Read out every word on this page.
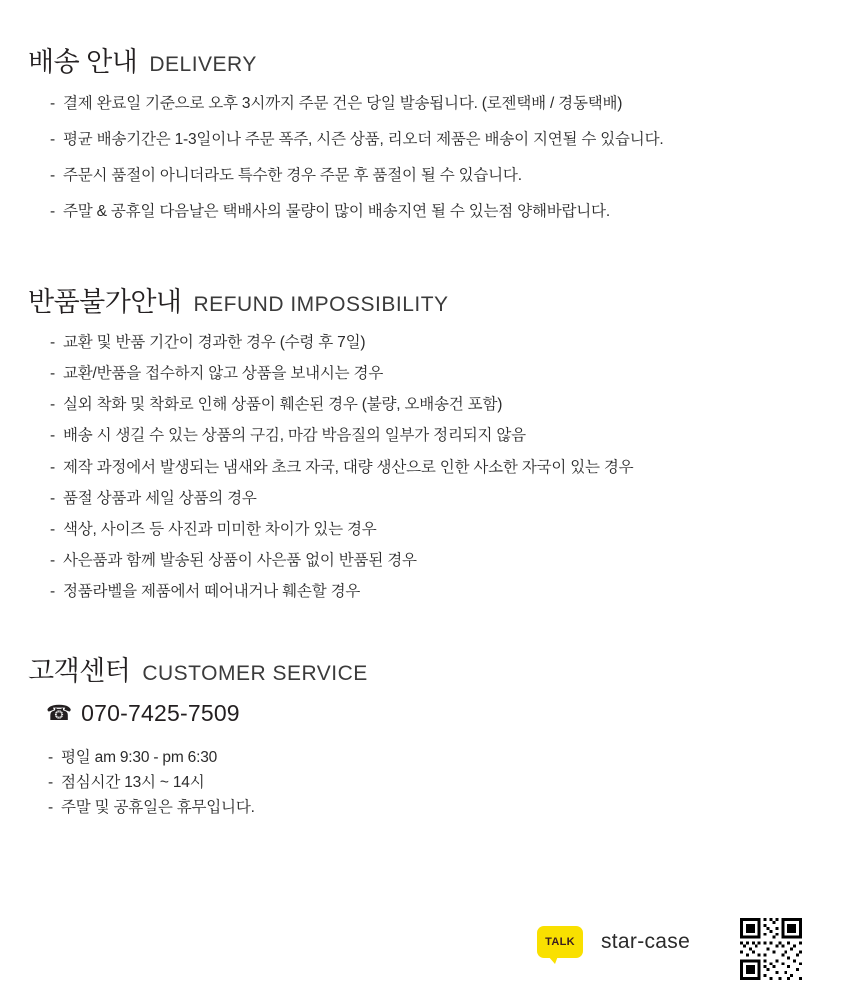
배송 안내 DELIVERY
- 결제 완료일 기준으로 오후 3시까지 주문 건은 당일 발송됩니다. (로젠택배 / 경동택배)
- 평균 배송기간은 1-3일이나 주문 폭주, 시즌 상품, 리오더 제품은 배송이 지연될 수 있습니다.
- 주문시 품절이 아니더라도 특수한 경우 주문 후 품절이 될 수 있습니다.
- 주말 & 공휴일 다음날은 택배사의 물량이 많이 배송지연 될 수 있는점 양해바랍니다.
반품불가안내 REFUND IMPOSSIBILITY
- 교환 및 반품 기간이 경과한 경우 (수령 후 7일)
- 교환/반품을 접수하지 않고 상품을 보내시는 경우
- 실외 착화 및 착화로 인해 상품이 훼손된 경우 (불량, 오배송건 포함)
- 배송 시 생길 수 있는 상품의 구김, 마감 박음질의 일부가 정리되지 않음
- 제작 과정에서 발생되는 냄새와 초크 자국, 대량 생산으로 인한 사소한 자국이 있는 경우
- 품절 상품과 세일 상품의 경우
- 색상, 사이즈 등 사진과 미미한 차이가 있는 경우
- 사은품과 함께 발송된 상품이 사은품 없이 반품된 경우
- 정품라벨을 제품에서 떼어내거나 훼손할 경우
고객센터 CUSTOMER SERVICE
☎ 070-7425-7509
- 평일 am 9:30 - pm 6:30
- 점심시간 13시 ~ 14시
- 주말 및 공휴일은 휴무입니다.
TALK star-case
